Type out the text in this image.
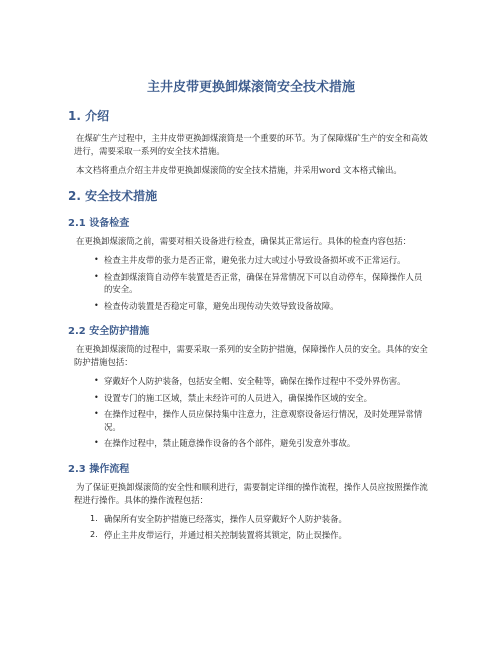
主井皮带更换卸煤滚筒安全技术措施
1. 介绍

在煤矿生产过程中，主井皮带更换卸煤滚筒是一个重要的环节。为了保障煤矿生产的安全和高效进行，需要采取一系列的安全技术措施。

本文档将重点介绍主井皮带更换卸煤滚筒的安全技术措施，并采用word 文本格式输出。

2. 安全技术措施
2.1 设备检查

在更换卸煤滚筒之前，需要对相关设备进行检查，确保其正常运行。具体的检查内容包括：

• 检查主井皮带的张力是否正常，避免张力过大或过小导致设备损坏或不正常运行。
• 检查卸煤滚筒自动停车装置是否正常，确保在异常情况下可以自动停车，保障操作人员的安全。
• 检查传动装置是否稳定可靠，避免出现传动失效导致设备故障。
2.2 安全防护措施

在更换卸煤滚筒的过程中，需要采取一系列的安全防护措施，保障操作人员的安全。具体的安全防护措施包括：

• 穿戴好个人防护装备，包括安全帽、安全鞋等，确保在操作过程中不受外界伤害。
• 设置专门的施工区域，禁止未经许可的人员进入，确保操作区域的安全。
• 在操作过程中，操作人员应保持集中注意力，注意观察设备运行情况，及时处理异常情况。
• 在操作过程中，禁止随意操作设备的各个部件，避免引发意外事故。
2.3 操作流程

为了保证更换卸煤滚筒的安全性和顺利进行，需要制定详细的操作流程，操作人员应按照操作流程进行操作。具体的操作流程包括：

1. 确保所有安全防护措施已经落实，操作人员穿戴好个人防护装备。
2. 停止主井皮带运行，并通过相关控制装置将其锁定，防止误操作。
